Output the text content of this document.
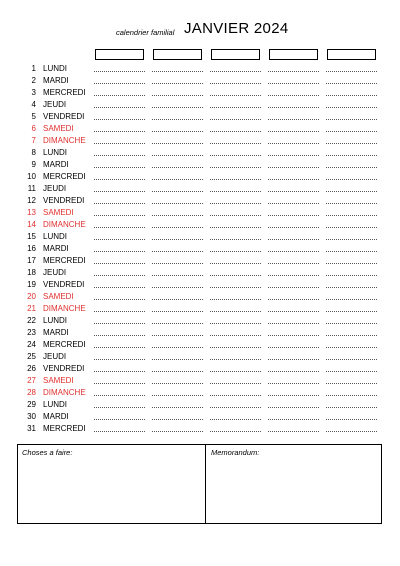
calendrier familial JANVIER 2024
1 LUNDI
2 MARDI
3 MERCREDI
4 JEUDI
5 VENDREDI
6 SAMEDI
7 DIMANCHE
8 LUNDI
9 MARDI
10 MERCREDI
11 JEUDI
12 VENDREDI
13 SAMEDI
14 DIMANCHE
15 LUNDI
16 MARDI
17 MERCREDI
18 JEUDI
19 VENDREDI
20 SAMEDI
21 DIMANCHE
22 LUNDI
23 MARDI
24 MERCREDI
25 JEUDI
26 VENDREDI
27 SAMEDI
28 DIMANCHE
29 LUNDI
30 MARDI
31 MERCREDI
Choses a faire:	Memorandum:
